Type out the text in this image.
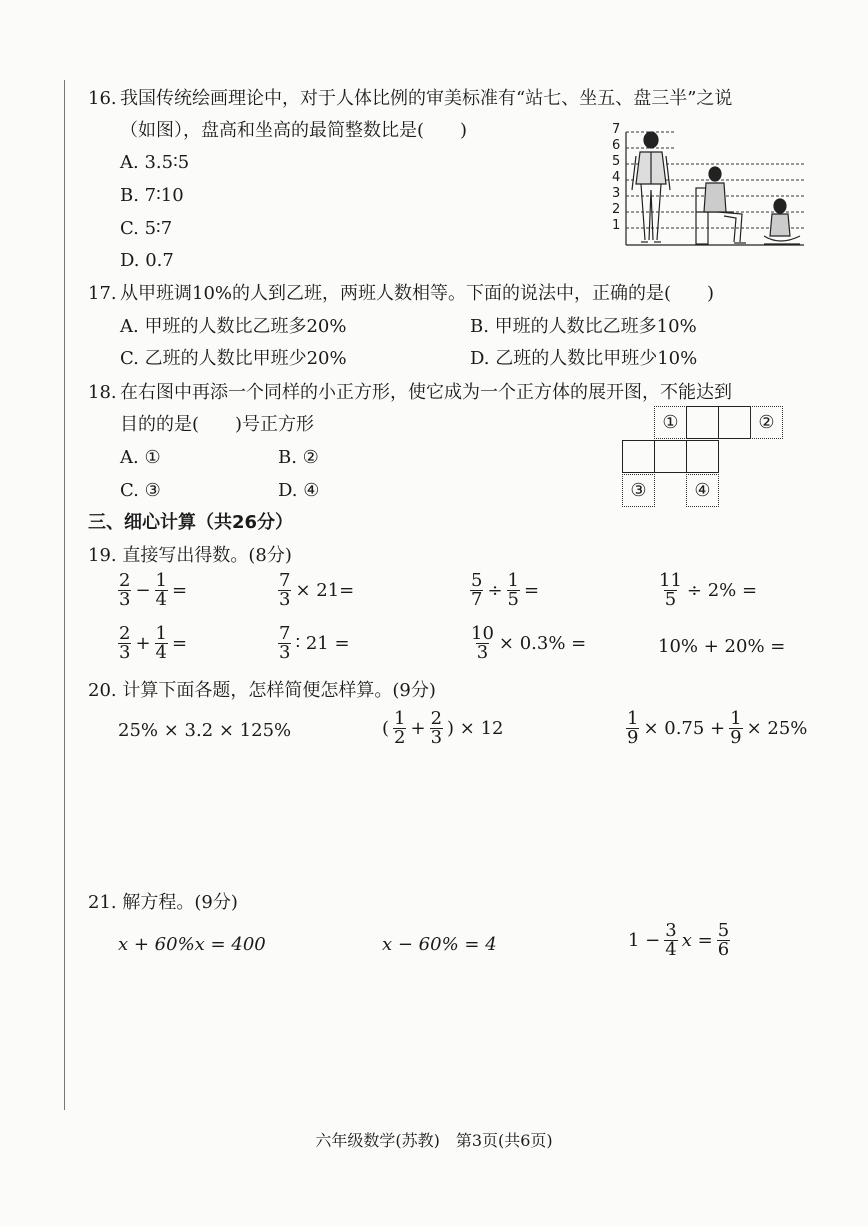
16. 我国传统绘画理论中，对于人体比例的审美标准有“站七、坐五、盘三半”之说
（如图），盘高和坐高的最简整数比是(　　)
A. 3.5∶5
B. 7∶10
C. 5∶7
D. 0.7
7
6
5
4
3
2
1
17. 从甲班调10%的人到乙班，两班人数相等。下面的说法中，正确的是(　　)
A. 甲班的人数比乙班多20%	B. 甲班的人数比乙班多10%
C. 乙班的人数比甲班少20%	D. 乙班的人数比甲班少10%
18. 在右图中再添一个同样的小正方形，使它成为一个正方体的展开图，不能达到
目的的是(　　)号正方形
A. ①	B. ②
C. ③	D. ④
①	②
③	④
三、细心计算（共26分）
19. 直接写出得数。(8分)
$\frac{2}{3} - \frac{1}{4}$ =	$\frac{7}{3} \times 21=$	$\frac{5}{7} \div \frac{1}{5}$ =	$\frac{11}{5} \div 2\%$ =
$\frac{2}{3} + \frac{1}{4}$ =	$\frac{7}{3}$ ∶ 21 =	$\frac{10}{3} \times 0.3\%$ =	10% + 20% =
20. 计算下面各题，怎样简便怎样算。(9分)
25% × 3.2 × 125%	( $\frac{1}{2} + \frac{2}{3}$ ) × 12	$\frac{1}{9} \times 0.75 + \frac{1}{9} \times 25\%$
21. 解方程。(9分)
x + 60%x = 400	x − 60% = 4	$1 - \frac{3}{4}$ $x = \frac{5}{6}$
六年级数学(苏教)　第3页(共6页)
